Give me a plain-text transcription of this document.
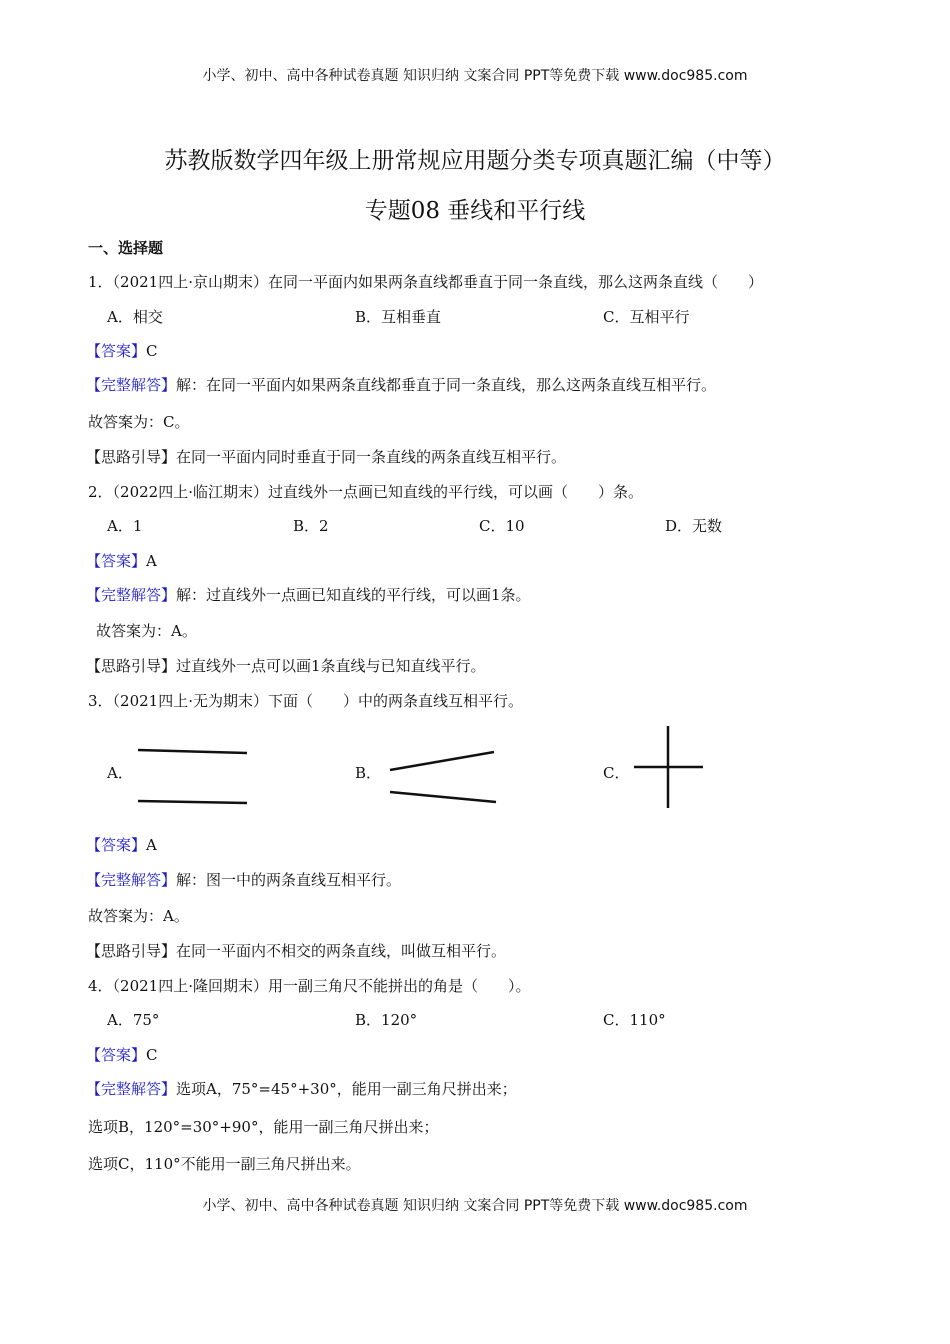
小学、初中、高中各种试卷真题 知识归纳 文案合同 PPT等免费下载 www.doc985.com
苏教版数学四年级上册常规应用题分类专项真题汇编（中等）
专题08 垂线和平行线
一、选择题
1．（2021四上·京山期末）在同一平面内如果两条直线都垂直于同一条直线，那么这两条直线（　　）
A．相交	B．互相垂直	C．互相平行
【答案】C
【完整解答】解：在同一平面内如果两条直线都垂直于同一条直线，那么这两条直线互相平行。
故答案为：C。
【思路引导】在同一平面内同时垂直于同一条直线的两条直线互相平行。
2．（2022四上·临江期末）过直线外一点画已知直线的平行线，可以画（　　）条。
A．1	B．2	C．10	D．无数
【答案】A
【完整解答】解：过直线外一点画已知直线的平行线，可以画1条。
故答案为：A。
【思路引导】过直线外一点可以画1条直线与已知直线平行。
3．（2021四上·无为期末）下面（　　）中的两条直线互相平行。
A．	B．	C．
【答案】A
【完整解答】解：图一中的两条直线互相平行。
故答案为：A。
【思路引导】在同一平面内不相交的两条直线，叫做互相平行。
4．（2021四上·隆回期末）用一副三角尺不能拼出的角是（　　）。
A．75°	B．120°	C．110°
【答案】C
【完整解答】选项A，75°=45°+30°，能用一副三角尺拼出来；
选项B，120°=30°+90°，能用一副三角尺拼出来；
选项C，110°不能用一副三角尺拼出来。
小学、初中、高中各种试卷真题 知识归纳 文案合同 PPT等免费下载 www.doc985.com
